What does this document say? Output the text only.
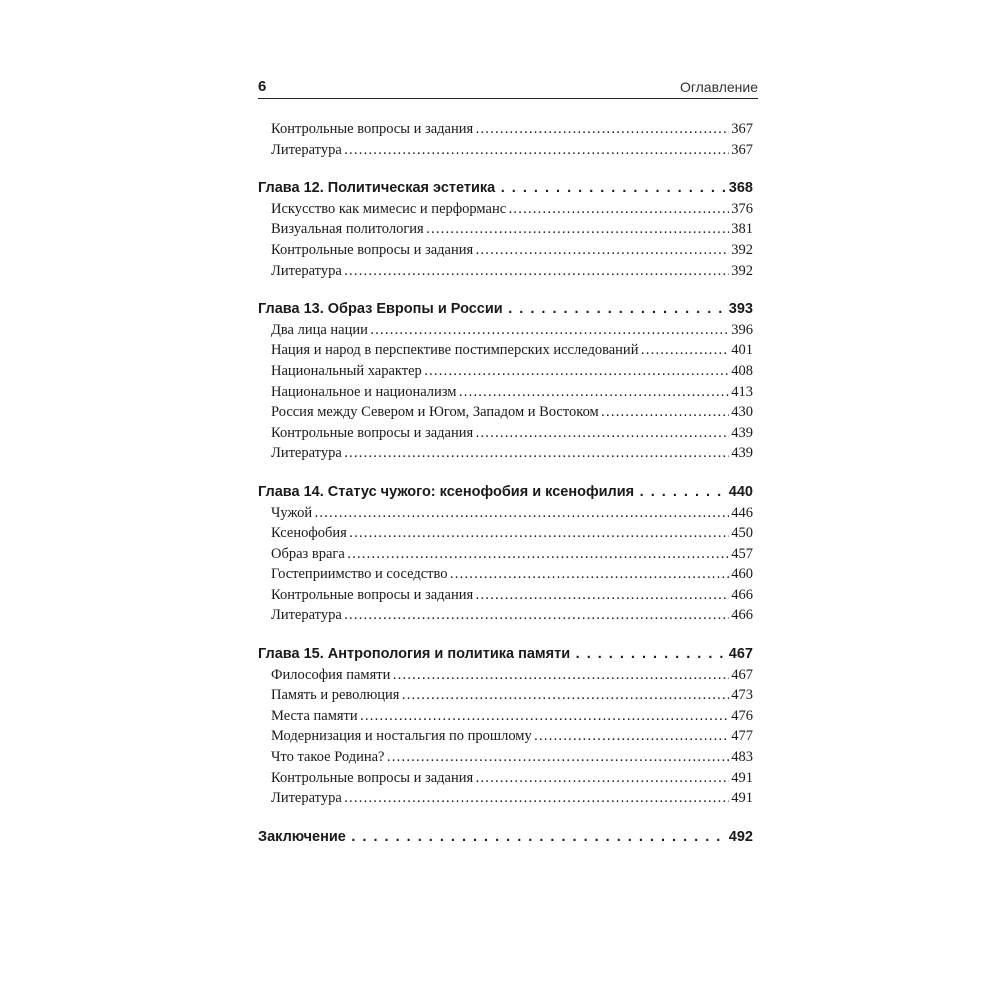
6	Оглавление
Контрольные вопросы и задания . . .	367
Литература . . .	367
Глава 12. Политическая эстетика . . .	368
Искусство как мимесис и перформанс . . .	376
Визуальная политология . . .	381
Контрольные вопросы и задания . . .	392
Литература . . .	392
Глава 13. Образ Европы и России . . .	393
Два лица нации . . .	396
Нация и народ в перспективе постимперских исследований . . .	401
Национальный характер . . .	408
Национальное и национализм . . .	413
Россия между Севером и Югом, Западом и Востоком . . .	430
Контрольные вопросы и задания . . .	439
Литература . . .	439
Глава 14. Статус чужого: ксенофобия и ксенофилия . . .	440
Чужой . . .	446
Ксенофобия . . .	450
Образ врага . . .	457
Гостеприимство и соседство . . .	460
Контрольные вопросы и задания . . .	466
Литература . . .	466
Глава 15. Антропология и политика памяти . . .	467
Философия памяти . . .	467
Память и революция . . .	473
Места памяти . . .	476
Модернизация и ностальгия по прошлому . . .	477
Что такое Родина? . . .	483
Контрольные вопросы и задания . . .	491
Литература . . .	491
Заключение . . .	492
